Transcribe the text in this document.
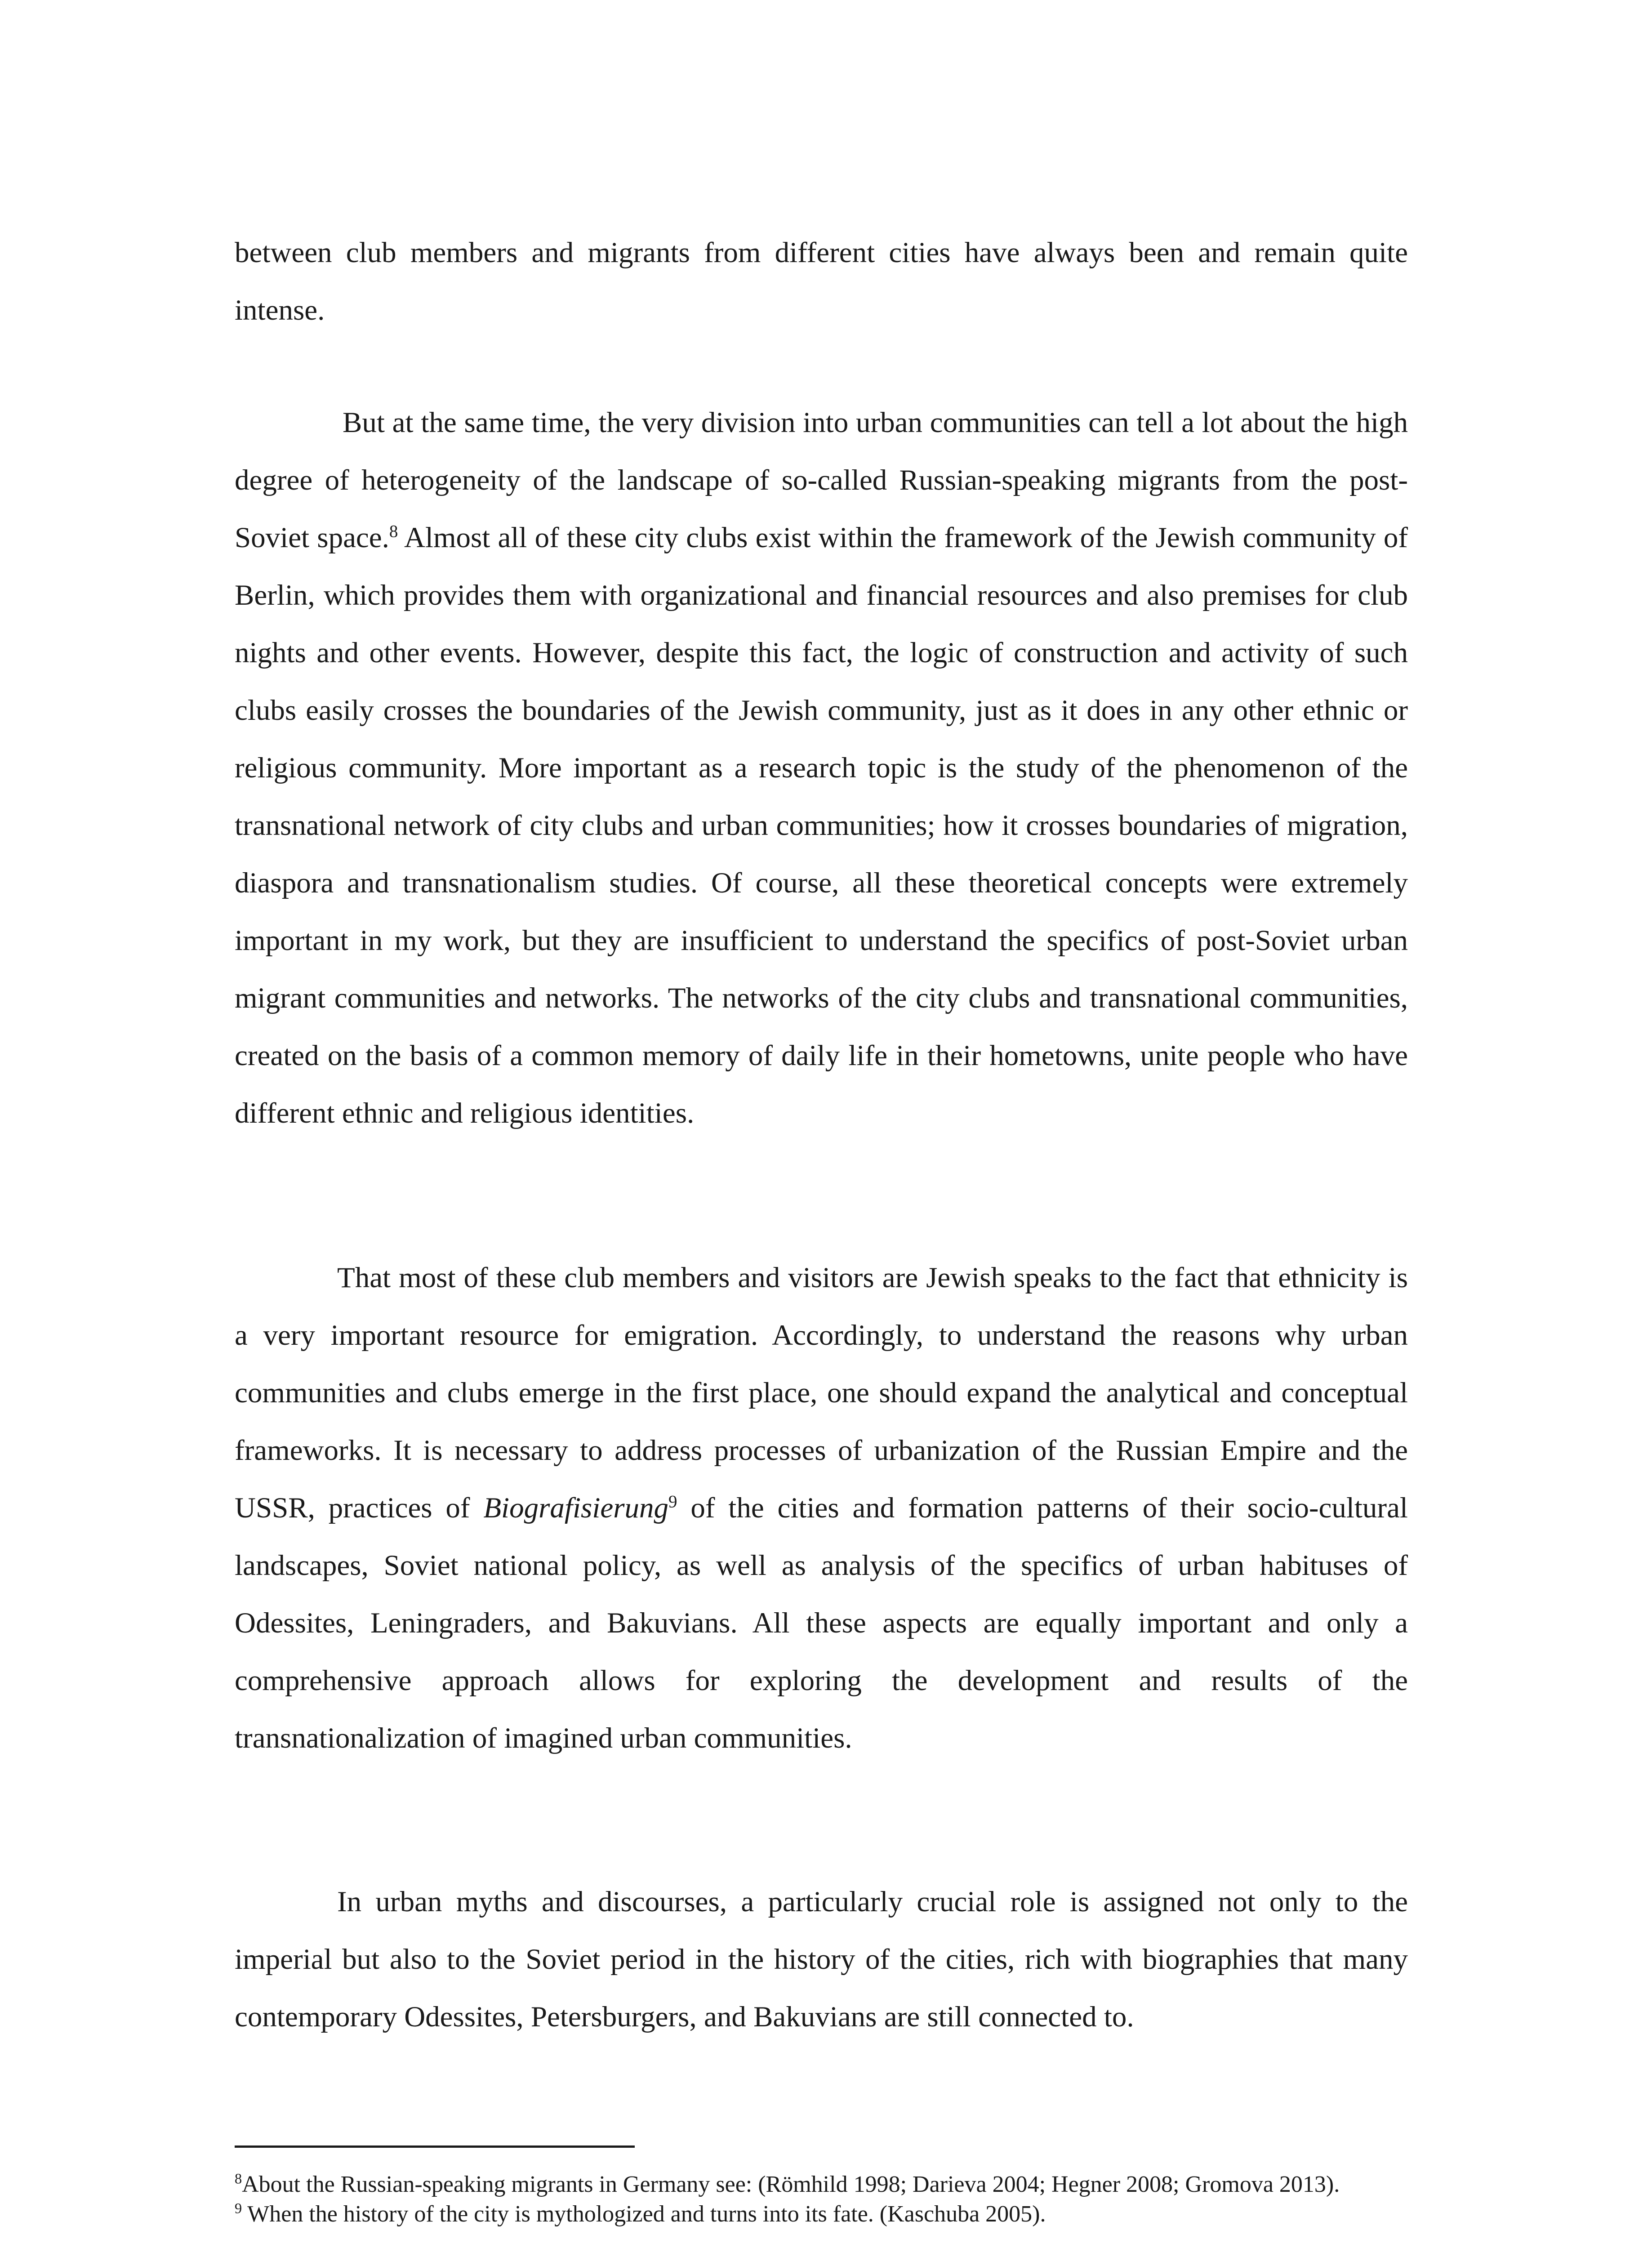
between club members and migrants from different cities have always been and remain quite intense.

But at the same time, the very division into urban communities can tell a lot about the high degree of heterogeneity of the landscape of so-called Russian-speaking migrants from the post-Soviet space.$^8$ Almost all of these city clubs exist within the framework of the Jewish community of Berlin, which provides them with organizational and financial resources and also premises for club nights and other events. However, despite this fact, the logic of construction and activity of such clubs easily crosses the boundaries of the Jewish community, just as it does in any other ethnic or religious community. More important as a research topic is the study of the phenomenon of the transnational network of city clubs and urban communities; how it crosses boundaries of migration, diaspora and transnationalism studies. Of course, all these theoretical concepts were extremely important in my work, but they are insufficient to understand the specifics of post-Soviet urban migrant communities and networks. The networks of the city clubs and transnational communities, created on the basis of a common memory of daily life in their hometowns, unite people who have different ethnic and religious identities.

That most of these club members and visitors are Jewish speaks to the fact that ethnicity is a very important resource for emigration. Accordingly, to understand the reasons why urban communities and clubs emerge in the first place, one should expand the analytical and conceptual frameworks. It is necessary to address processes of urbanization of the Russian Empire and the USSR, practices of Biografisierung$^9$ of the cities and formation patterns of their socio-cultural landscapes, Soviet national policy, as well as analysis of the specifics of urban habituses of Odessites, Leningraders, and Bakuvians. All these aspects are equally important and only a comprehensive approach allows for exploring the development and results of the transnationalization of imagined urban communities.

In urban myths and discourses, a particularly crucial role is assigned not only to the imperial but also to the Soviet period in the history of the cities, rich with biographies that many contemporary Odessites, Petersburgers, and Bakuvians are still connected to.

$^8$About the Russian-speaking migrants in Germany see: (Römhild 1998; Darieva 2004; Hegner 2008; Gromova 2013).

$^9$ When the history of the city is mythologized and turns into its fate. (Kaschuba 2005).
